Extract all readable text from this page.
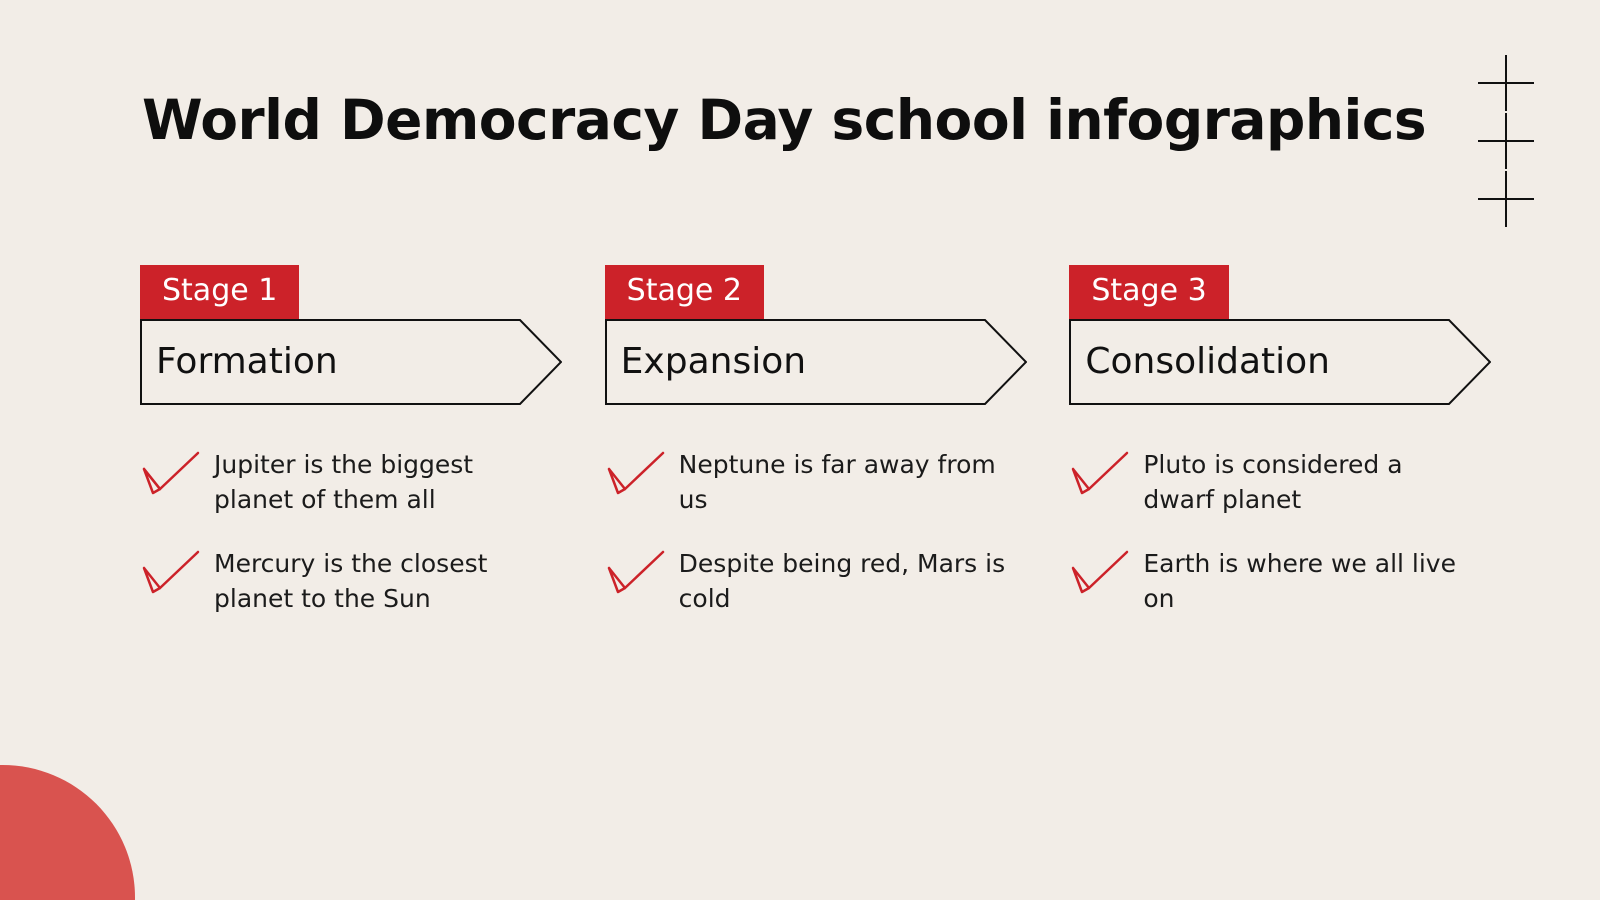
World Democracy Day school infographics
Stage 1
Formation
Jupiter is the biggest planet of them all
Mercury is the closest planet to the Sun
Stage 2
Expansion
Neptune is far away from us
Despite being red, Mars is cold
Stage 3
Consolidation
Pluto is considered a dwarf planet
Earth is where we all live on
